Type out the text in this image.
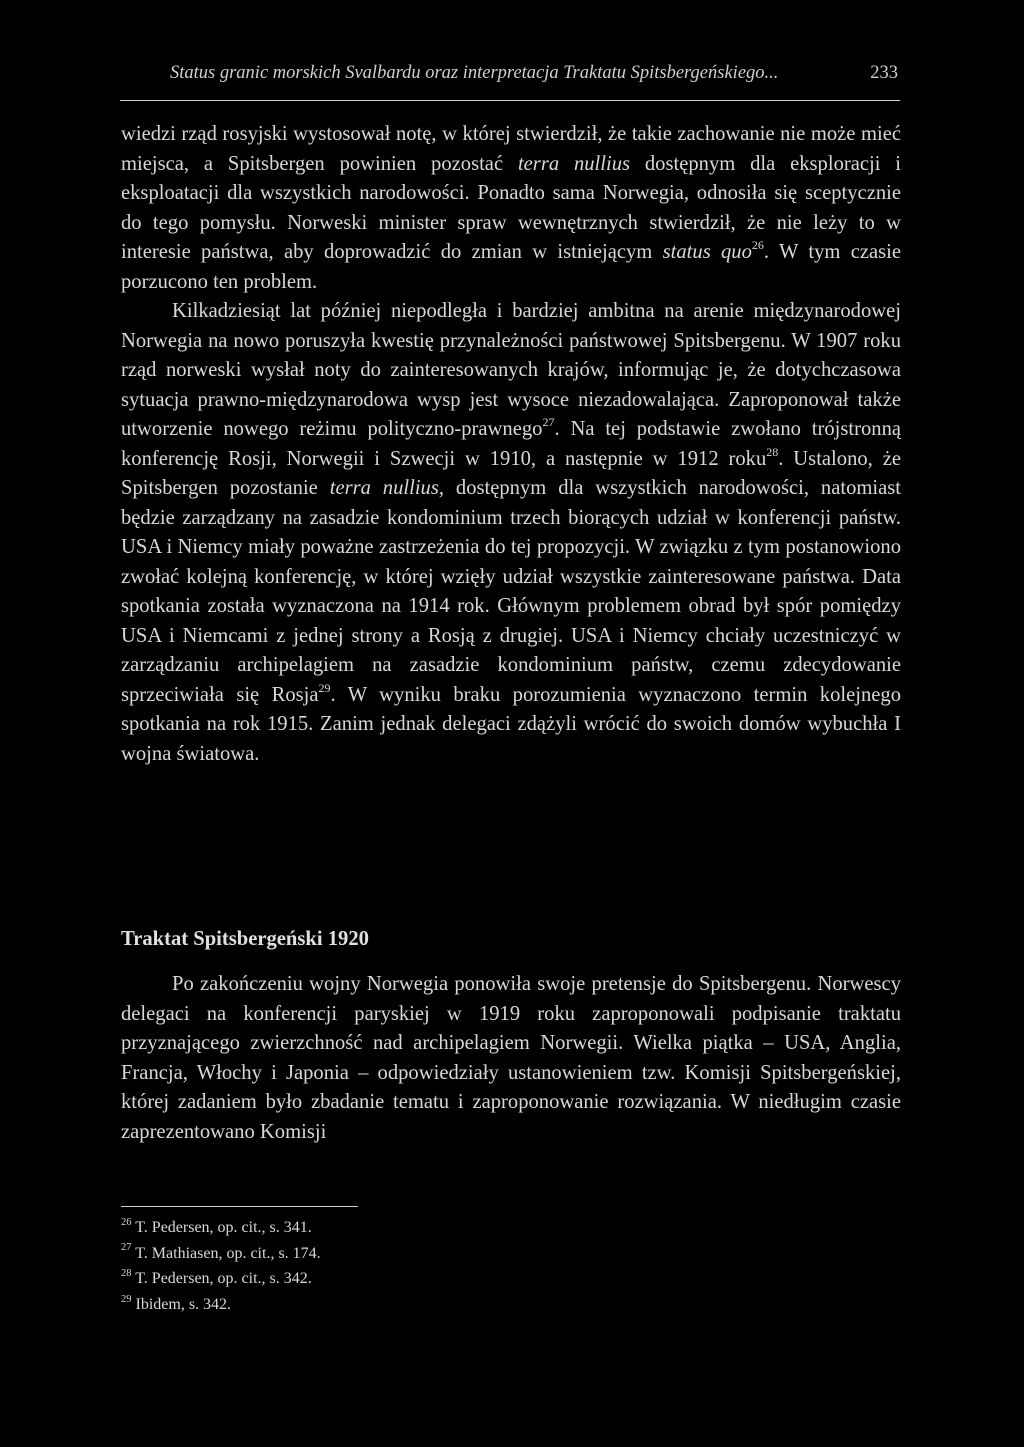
Status granic morskich Svalbardu oraz interpretacja Traktatu Spitsbergeńskiego...	233

wiedzi rząd rosyjski wystosował notę, w której stwierdził, że takie zachowanie nie może mieć miejsca, a Spitsbergen powinien pozostać terra nullius dostępnym dla eksploracji i eksploatacji dla wszystkich narodowości. Ponadto sama Norwegia, odnosiła się sceptycznie do tego pomysłu. Norweski minister spraw wewnętrznych stwierdził, że nie leży to w interesie państwa, aby doprowadzić do zmian w istniejącym status quo$^{26}$. W tym czasie porzucono ten problem.

Kilkadziesiąt lat później niepodległa i bardziej ambitna na arenie międzynarodowej Norwegia na nowo poruszyła kwestię przynależności państwowej Spitsbergenu. W 1907 roku rząd norweski wysłał noty do zainteresowanych krajów, informując je, że dotychczasowa sytuacja prawno-międzynarodowa wysp jest wysoce niezadowalająca. Zaproponował także utworzenie nowego reżimu polityczno-prawnego$^{27}$. Na tej podstawie zwołano trójstronną konferencję Rosji, Norwegii i Szwecji w 1910, a następnie w 1912 roku$^{28}$. Ustalono, że Spitsbergen pozostanie terra nullius, dostępnym dla wszystkich narodowości, natomiast będzie zarządzany na zasadzie kondominium trzech biorących udział w konferencji państw. USA i Niemcy miały poważne zastrzeżenia do tej propozycji. W związku z tym postanowiono zwołać kolejną konferencję, w której wzięły udział wszystkie zainteresowane państwa. Data spotkania została wyznaczona na 1914 rok. Głównym problemem obrad był spór pomiędzy USA i Niemcami z jednej strony a Rosją z drugiej. USA i Niemcy chciały uczestniczyć w zarządzaniu archipelagiem na zasadzie kondominium państw, czemu zdecydowanie sprzeciwiała się Rosja$^{29}$. W wyniku braku porozumienia wyznaczono termin kolejnego spotkania na rok 1915. Zanim jednak delegaci zdążyli wrócić do swoich domów wybuchła I wojna światowa.

Traktat Spitsbergeński 1920

Po zakończeniu wojny Norwegia ponowiła swoje pretensje do Spitsbergenu. Norwescy delegaci na konferencji paryskiej w 1919 roku zaproponowali podpisanie traktatu przyznającego zwierzchność nad archipelagiem Norwegii. Wielka piątka – USA, Anglia, Francja, Włochy i Japonia – odpowiedziały ustanowieniem tzw. Komisji Spitsbergeńskiej, której zadaniem było zbadanie tematu i zaproponowanie rozwiązania. W niedługim czasie zaprezentowano Komisji

$^{26}$ T. Pedersen, op. cit., s. 341.
$^{27}$ T. Mathiasen, op. cit., s. 174.
$^{28}$ T. Pedersen, op. cit., s. 342.
$^{29}$ Ibidem, s. 342.
